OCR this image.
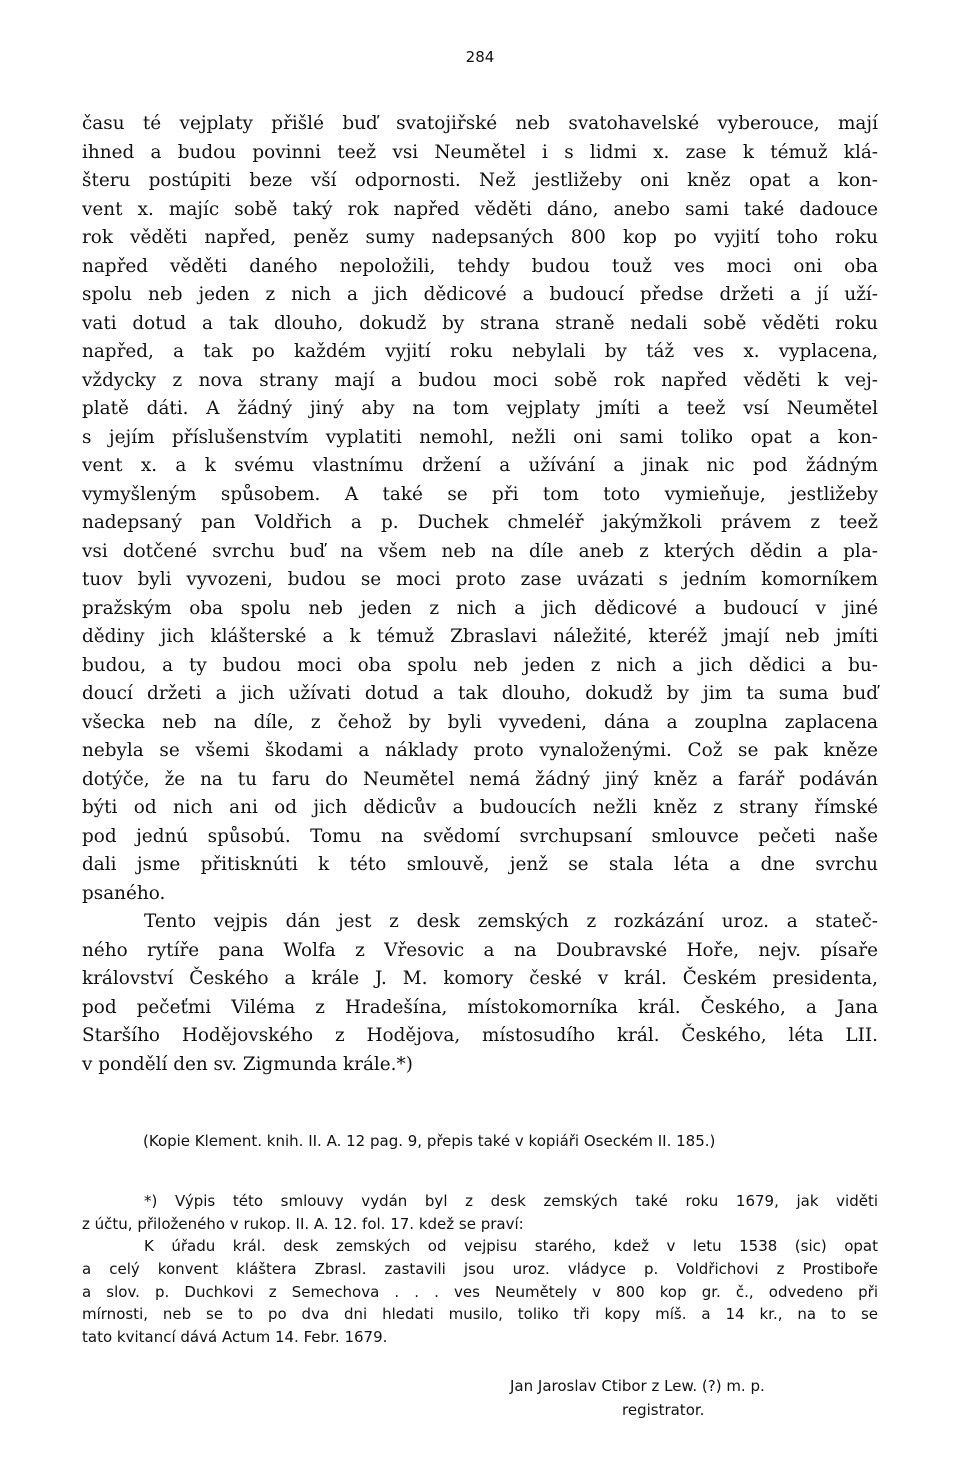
284
času té vejplaty přišlé buď svatojiřské neb svatohavelské vyberouce, mají
ihned a budou povinni teež vsi Neumětel i s lidmi x. zase k témuž klá-
šteru postúpiti beze vší odpornosti. Než jestližeby oni kněz opat a kon-
vent x. majíc sobě taký rok napřed věděti dáno, anebo sami také dadouce
rok věděti napřed, peněz sumy nadepsaných 800 kop po vyjití toho roku
napřed věděti daného nepoložili, tehdy budou touž ves moci oni oba
spolu neb jeden z nich a jich dědicové a budoucí předse držeti a jí uží-
vati dotud a tak dlouho, dokudž by strana straně nedali sobě věděti roku
napřed, a tak po každém vyjití roku nebylali by táž ves x. vyplacena,
vždycky z nova strany mají a budou moci sobě rok napřed věděti k vej-
platě dáti. A žádný jiný aby na tom vejplaty jmíti a teež vsí Neumětel
s jejím příslušenstvím vyplatiti nemohl, nežli oni sami toliko opat a kon-
vent x. a k svému vlastnímu držení a užívání a jinak nic pod žádným
vymyšleným spůsobem. A také se při tom toto vymieňuje, jestližeby
nadepsaný pan Voldřich a p. Duchek chmeléř jakýmžkoli právem z teež
vsi dotčené svrchu buď na všem neb na díle aneb z kterých dědin a pla-
tuov byli vyvozeni, budou se moci proto zase uvázati s jedním komorníkem
pražským oba spolu neb jeden z nich a jich dědicové a budoucí v jiné
dědiny jich klášterské a k témuž Zbraslavi náležité, kteréž jmají neb jmíti
budou, a ty budou moci oba spolu neb jeden z nich a jich dědici a bu-
doucí držeti a jich užívati dotud a tak dlouho, dokudž by jim ta suma buď
všecka neb na díle, z čehož by byli vyvedeni, dána a zouplna zaplacena
nebyla se všemi škodami a náklady proto vynaloženými. Což se pak kněze
dotýče, že na tu faru do Neumětel nemá žádný jiný kněz a farář podáván
býti od nich ani od jich dědicův a budoucích nežli kněz z strany římské
pod jednú spůsobú. Tomu na svědomí svrchupsaní smlouvce pečeti naše
dali jsme přitisknúti k této smlouvě, jenž se stala léta a dne svrchu
psaného.
Tento vejpis dán jest z desk zemských z rozkázání uroz. a stateč-
ného rytíře pana Wolfa z Vřesovic a na Doubravské Hoře, nejv. písaře
království Českého a krále J. M. komory české v král. Českém presidenta,
pod pečeťmi Viléma z Hradešína, místokomorníka král. Českého, a Jana
Staršího Hodějovského z Hodějova, místosudího král. Českého, léta LII.
v pondělí den sv. Zigmunda krále.*)
(Kopie Klement. knih. II. A. 12 pag. 9, přepis také v kopiáři Oseckém II. 185.)
*) Výpis této smlouvy vydán byl z desk zemských také roku 1679, jak viděti
z účtu, přiloženého v rukop. II. A. 12. fol. 17. kdež se praví:
K úřadu král. desk zemských od vejpisu starého, kdež v letu 1538 (sic) opat
a celý konvent kláštera Zbrasl. zastavili jsou uroz. vládyce p. Voldřichovi z Prostiboře
a slov. p. Duchkovi z Semechova . . . ves Neumětely v 800 kop gr. č., odvedeno při
mírnosti, neb se to po dva dni hledati musilo, toliko tři kopy míš. a 14 kr., na to se
tato kvitancí dává Actum 14. Febr. 1679.
Jan Jaroslav Ctibor z Lew. (?) m. p.
registrator.
